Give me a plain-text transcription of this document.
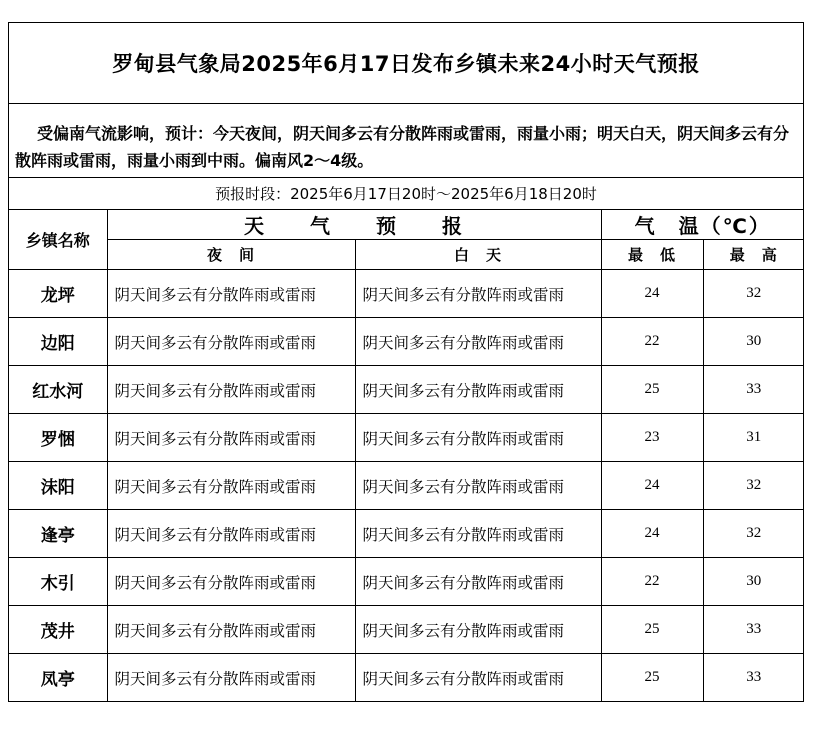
罗甸县气象局2025年6月17日发布乡镇未来24小时天气预报
受偏南气流影响，预计：今天夜间，阴天间多云有分散阵雨或雷雨，雨量小雨；明天白天，阴天间多云有分散阵雨或雷雨，雨量小雨到中雨。偏南风2～4级。
预报时段：2025年6月17日20时～2025年6月18日20时
乡镇名称	天　　气　　预　　报		气　温（℃）	
	夜　间	白　天	最　低	最　高
龙坪	阴天间多云有分散阵雨或雷雨	阴天间多云有分散阵雨或雷雨	24	32
边阳	阴天间多云有分散阵雨或雷雨	阴天间多云有分散阵雨或雷雨	22	30
红水河	阴天间多云有分散阵雨或雷雨	阴天间多云有分散阵雨或雷雨	25	33
罗悃	阴天间多云有分散阵雨或雷雨	阴天间多云有分散阵雨或雷雨	23	31
沫阳	阴天间多云有分散阵雨或雷雨	阴天间多云有分散阵雨或雷雨	24	32
逢亭	阴天间多云有分散阵雨或雷雨	阴天间多云有分散阵雨或雷雨	24	32
木引	阴天间多云有分散阵雨或雷雨	阴天间多云有分散阵雨或雷雨	22	30
茂井	阴天间多云有分散阵雨或雷雨	阴天间多云有分散阵雨或雷雨	25	33
凤亭	阴天间多云有分散阵雨或雷雨	阴天间多云有分散阵雨或雷雨	25	33
